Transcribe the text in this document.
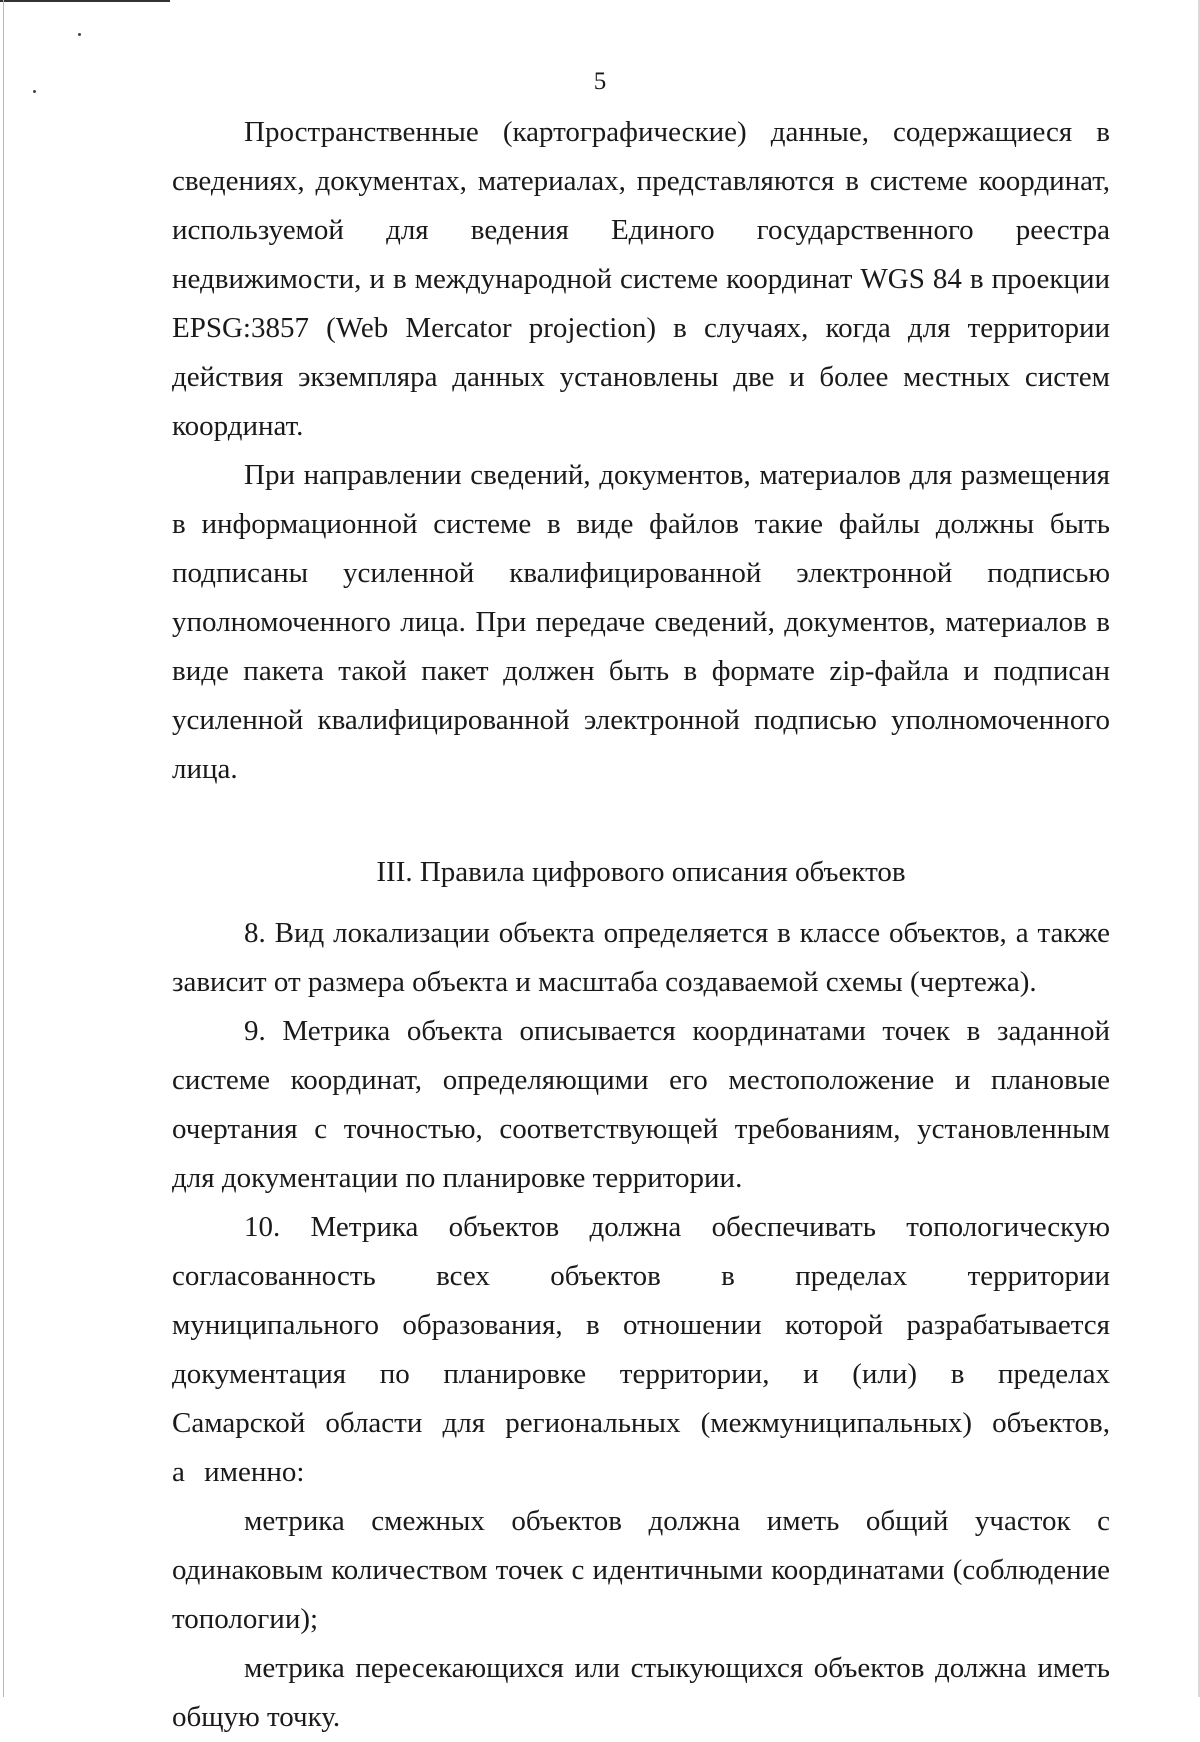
5

Пространственные (картографические) данные, содержащиеся в сведениях, документах, материалах, представляются в системе координат, используемой для ведения Единого государственного реестра недвижимости, и в международной системе координат WGS 84 в проекции EPSG:3857 (Web Mercator projection) в случаях, когда для территории действия экземпляра данных установлены две и более местных систем координат.

При направлении сведений, документов, материалов для размещения в информационной системе в виде файлов такие файлы должны быть подписаны усиленной квалифицированной электронной подписью уполномоченного лица. При передаче сведений, документов, материалов в виде пакета такой пакет должен быть в формате zip-файла и подписан усиленной квалифицированной электронной подписью уполномоченного лица.

III. Правила цифрового описания объектов

8. Вид локализации объекта определяется в классе объектов, а также зависит от размера объекта и масштаба создаваемой схемы (чертежа).

9. Метрика объекта описывается координатами точек в заданной системе координат, определяющими его местоположение и плановые очертания с точностью, соответствующей требованиям, установленным для документации по планировке территории.

10. Метрика объектов должна обеспечивать топологическую согласованность всех объектов в пределах территории муниципального образования, в отношении которой разрабатывается документация по планировке территории, и (или) в пределах Самарской области для региональных (межмуниципальных) объектов, а именно:

метрика смежных объектов должна иметь общий участок с одинаковым количеством точек с идентичными координатами (соблюдение топологии);

метрика пересекающихся или стыкующихся объектов должна иметь общую точку.
